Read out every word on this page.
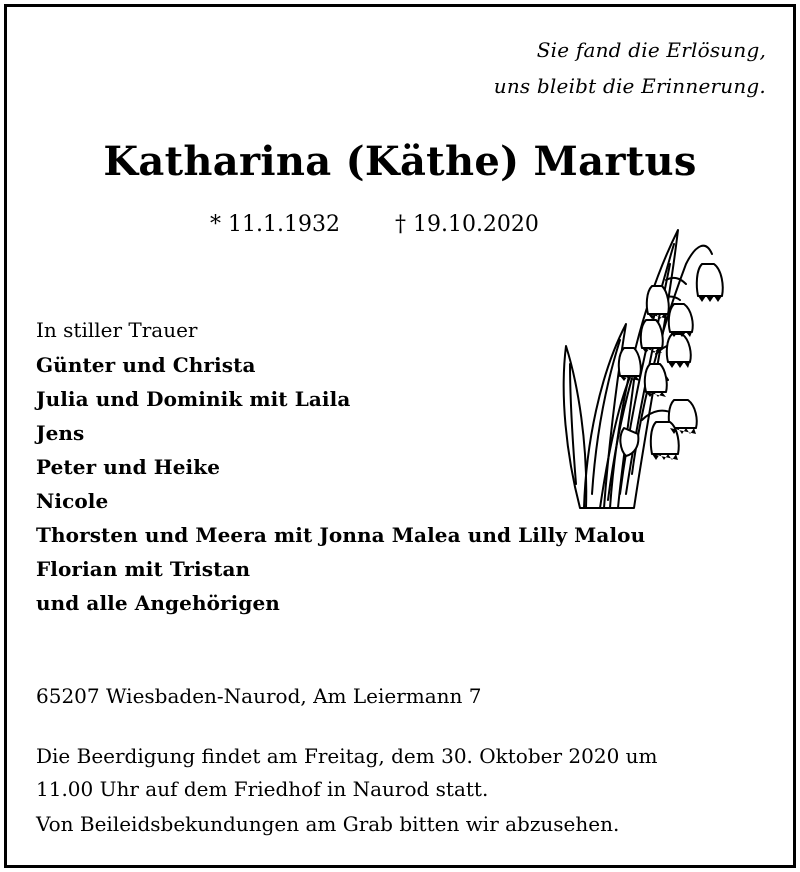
Sie fand die Erlösung,
uns bleibt die Erinnerung.
Katharina (Käthe) Martus
* 11.1.1932	† 19.10.2020
In stiller Trauer
Günter und Christa
Julia und Dominik mit Laila
Jens
Peter und Heike
Nicole
Thorsten und Meera mit Jonna Malea und Lilly Malou
Florian mit Tristan
und alle Angehörigen
65207 Wiesbaden-Naurod, Am Leiermann 7
Die Beerdigung findet am Freitag, dem 30. Oktober 2020 um
11.00 Uhr auf dem Friedhof in Naurod statt.
Von Beileidsbekundungen am Grab bitten wir abzusehen.
